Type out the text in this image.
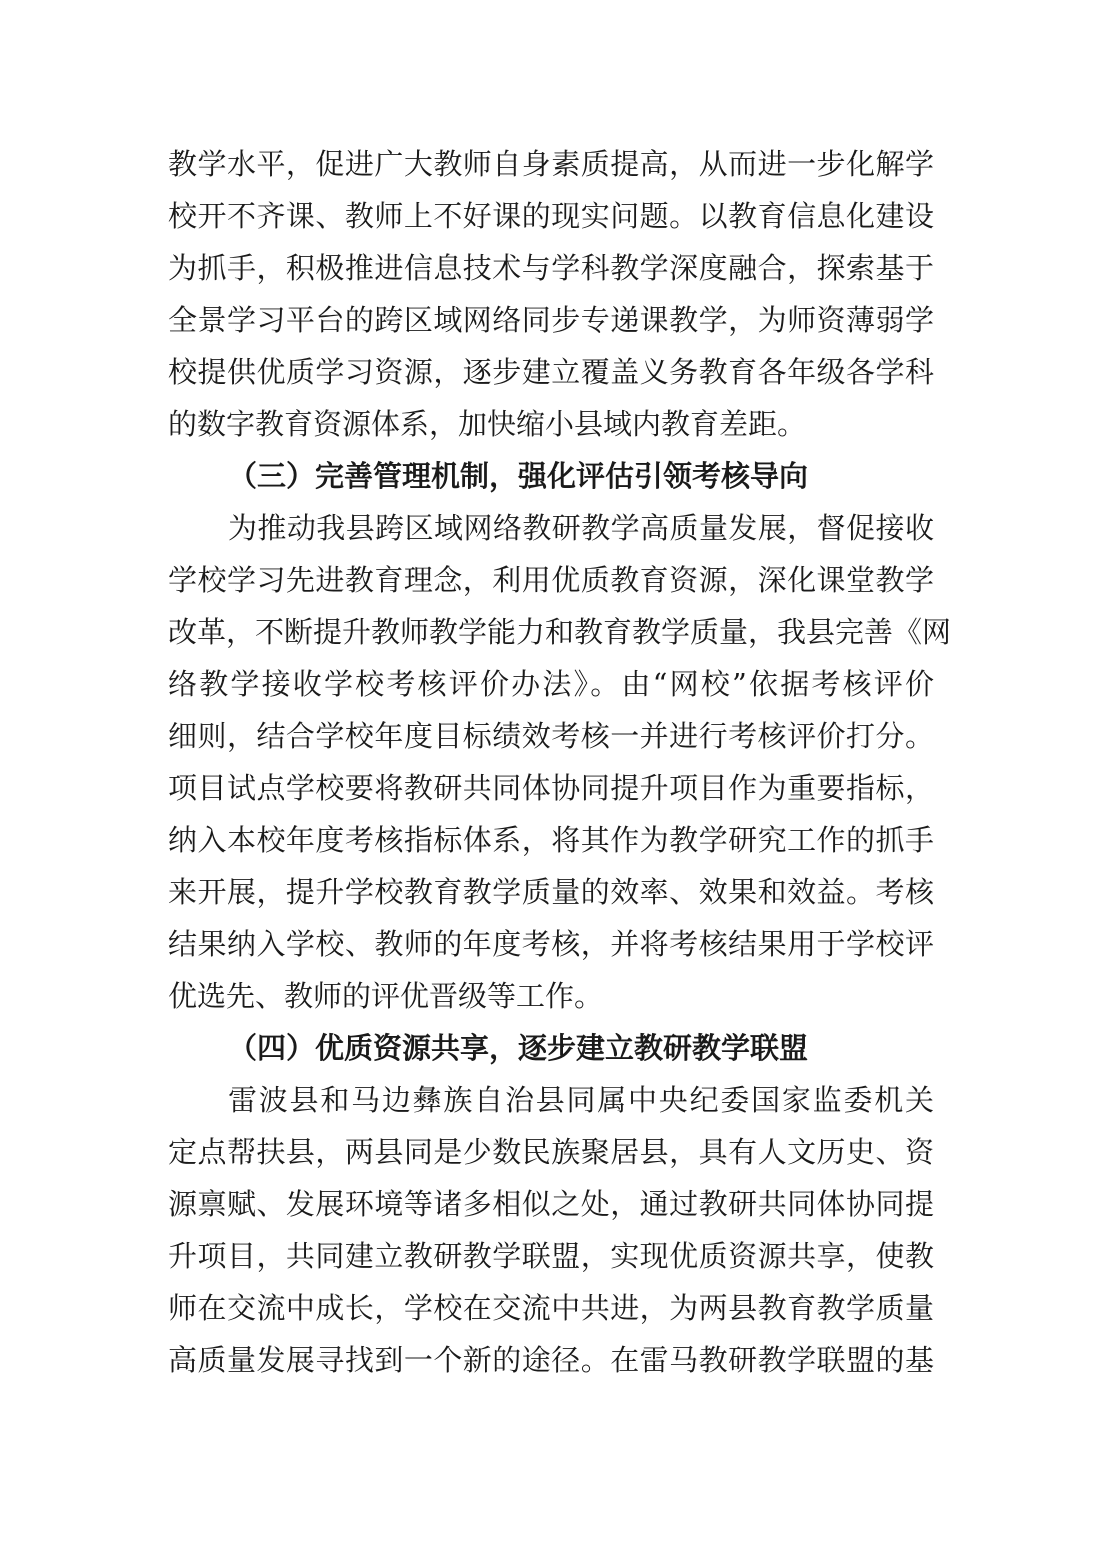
教学水平，促进广大教师自身素质提高，从而进一步化解学
校开不齐课、教师上不好课的现实问题。以教育信息化建设
为抓手，积极推进信息技术与学科教学深度融合，探索基于
全景学习平台的跨区域网络同步专递课教学，为师资薄弱学
校提供优质学习资源，逐步建立覆盖义务教育各年级各学科
的数字教育资源体系，加快缩小县域内教育差距。
（三）完善管理机制，强化评估引领考核导向
为推动我县跨区域网络教研教学高质量发展，督促接收
学校学习先进教育理念，利用优质教育资源，深化课堂教学
改革，不断提升教师教学能力和教育教学质量，我县完善《网
络教学接收学校考核评价办法》。由“网校”依据考核评价
细则，结合学校年度目标绩效考核一并进行考核评价打分。
项目试点学校要将教研共同体协同提升项目作为重要指标，
纳入本校年度考核指标体系，将其作为教学研究工作的抓手
来开展，提升学校教育教学质量的效率、效果和效益。考核
结果纳入学校、教师的年度考核，并将考核结果用于学校评
优选先、教师的评优晋级等工作。
（四）优质资源共享，逐步建立教研教学联盟
雷波县和马边彝族自治县同属中央纪委国家监委机关
定点帮扶县，两县同是少数民族聚居县，具有人文历史、资
源禀赋、发展环境等诸多相似之处，通过教研共同体协同提
升项目，共同建立教研教学联盟，实现优质资源共享，使教
师在交流中成长，学校在交流中共进，为两县教育教学质量
高质量发展寻找到一个新的途径。在雷马教研教学联盟的基
